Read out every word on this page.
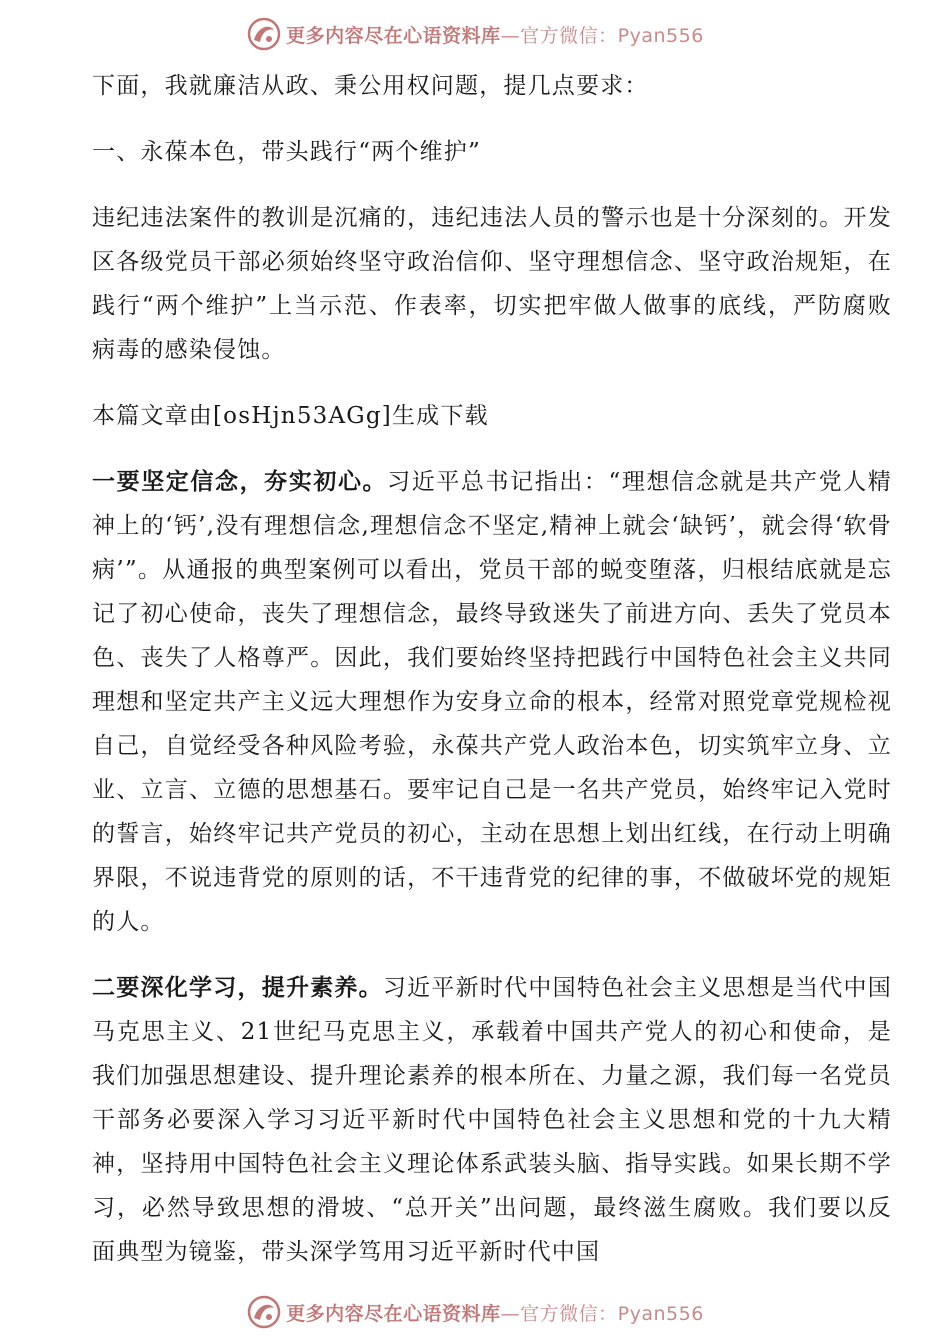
更多内容尽在心语资料库—官方微信：Pyan556

下面，我就廉洁从政、秉公用权问题，提几点要求：

一、永葆本色，带头践行“两个维护”

违纪违法案件的教训是沉痛的，违纪违法人员的警示也是十分深刻的。开发区各级党员干部必须始终坚守政治信仰、坚守理想信念、坚守政治规矩，在践行“两个维护”上当示范、作表率，切实把牢做人做事的底线，严防腐败病毒的感染侵蚀。

本篇文章由[osHjn53AGg]生成下载

一要坚定信念，夯实初心。习近平总书记指出：“理想信念就是共产党人精神上的‘钙’,没有理想信念,理想信念不坚定,精神上就会‘缺钙’，就会得‘软骨病’”。从通报的典型案例可以看出，党员干部的蜕变堕落，归根结底就是忘记了初心使命，丧失了理想信念，最终导致迷失了前进方向、丢失了党员本色、丧失了人格尊严。因此，我们要始终坚持把践行中国特色社会主义共同理想和坚定共产主义远大理想作为安身立命的根本，经常对照党章党规检视自己，自觉经受各种风险考验，永葆共产党人政治本色，切实筑牢立身、立业、立言、立德的思想基石。要牢记自己是一名共产党员，始终牢记入党时的誓言，始终牢记共产党员的初心，主动在思想上划出红线，在行动上明确界限，不说违背党的原则的话，不干违背党的纪律的事，不做破坏党的规矩的人。

二要深化学习，提升素养。习近平新时代中国特色社会主义思想是当代中国马克思主义、21世纪马克思主义，承载着中国共产党人的初心和使命，是我们加强思想建设、提升理论素养的根本所在、力量之源，我们每一名党员干部务必要深入学习习近平新时代中国特色社会主义思想和党的十九大精神，坚持用中国特色社会主义理论体系武装头脑、指导实践。如果长期不学习，必然导致思想的滑坡、“总开关”出问题，最终滋生腐败。我们要以反面典型为镜鉴，带头深学笃用习近平新时代中国

更多内容尽在心语资料库—官方微信：Pyan556
